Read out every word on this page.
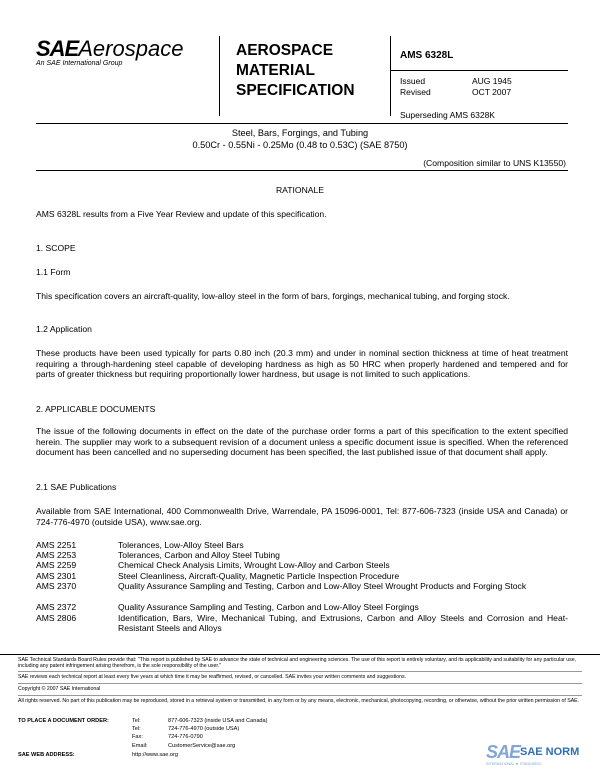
SAEAerospace
An SAE International Group
AEROSPACE
MATERIAL
SPECIFICATION
AMS 6328L
Issued	AUG 1945
Revised	OCT 2007
Superseding AMS 6328K
Steel, Bars, Forgings, and Tubing
0.50Cr - 0.55Ni - 0.25Mo (0.48 to 0.53C) (SAE 8750)
(Composition similar to UNS K13550)
RATIONALE
AMS 6328L results from a Five Year Review and update of this specification.
1. SCOPE
1.1 Form
This specification covers an aircraft-quality, low-alloy steel in the form of bars, forgings, mechanical tubing, and forging stock.
1.2 Application
These products have been used typically for parts 0.80 inch (20.3 mm) and under in nominal section thickness at time of heat treatment requiring a through-hardening steel capable of developing hardness as high as 50 HRC when properly hardened and tempered and for parts of greater thickness but requiring proportionally lower hardness, but usage is not limited to such applications.
2. APPLICABLE DOCUMENTS
The issue of the following documents in effect on the date of the purchase order forms a part of this specification to the extent specified herein. The supplier may work to a subsequent revision of a document unless a specific document issue is specified. When the referenced document has been cancelled and no superseding document has been specified, the last published issue of that document shall apply.
2.1 SAE Publications
Available from SAE International, 400 Commonwealth Drive, Warrendale, PA 15096-0001, Tel: 877-606-7323 (inside USA and Canada) or 724-776-4970 (outside USA), www.sae.org.
AMS 2251	Tolerances, Low-Alloy Steel Bars
AMS 2253	Tolerances, Carbon and Alloy Steel Tubing
AMS 2259	Chemical Check Analysis Limits, Wrought Low-Alloy and Carbon Steels
AMS 2301	Steel Cleanliness, Aircraft-Quality, Magnetic Particle Inspection Procedure
AMS 2370	Quality Assurance Sampling and Testing, Carbon and Low-Alloy Steel Wrought Products and Forging Stock
AMS 2372	Quality Assurance Sampling and Testing, Carbon and Low-Alloy Steel Forgings
AMS 2806	Identification, Bars, Wire, Mechanical Tubing, and Extrusions, Carbon and Alloy Steels and Corrosion and Heat-Resistant Steels and Alloys
SAE Technical Standards Board Rules provide that: "This report is published by SAE to advance the state of technical and engineering sciences. The use of this report is entirely voluntary, and its applicability and suitability for any particular use, including any patent infringement arising therefrom, is the sole responsibility of the user."
SAE reviews each technical report at least every five years at which time it may be reaffirmed, revised, or cancelled. SAE invites your written comments and suggestions.
Copyright © 2007 SAE International
All rights reserved. No part of this publication may be reproduced, stored in a retrieval system or transmitted, in any form or by any means, electronic, mechanical, photocopying, recording, or otherwise, without the prior written permission of SAE.
TO PLACE A DOCUMENT ORDER:	Tel:	877-606-7323 (inside USA and Canada)
Tel:	724-776-4970 (outside USA)
Fax:	724-776-0790
Email:	CustomerService@sae.org
SAE WEB ADDRESS:	http://www.sae.org	SAE SAE NORM
INTERNATIONAL ★ STANDARDS
